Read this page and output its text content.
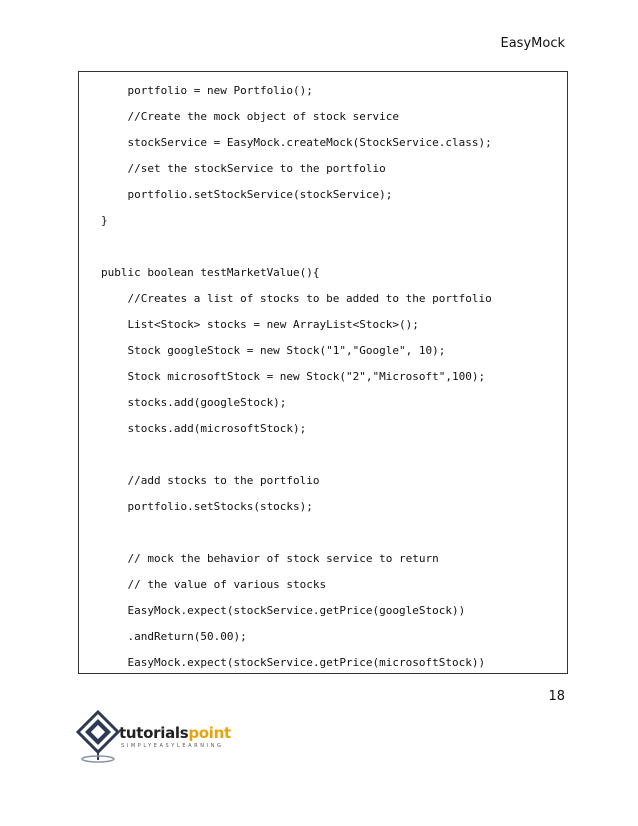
EasyMock
portfolio = new Portfolio();
//Create the mock object of stock service
stockService = EasyMock.createMock(StockService.class);
//set the stockService to the portfolio
portfolio.setStockService(stockService);
}
public boolean testMarketValue(){
//Creates a list of stocks to be added to the portfolio
List<Stock> stocks = new ArrayList<Stock>();
Stock googleStock = new Stock("1","Google", 10);
Stock microsoftStock = new Stock("2","Microsoft",100);
stocks.add(googleStock);
stocks.add(microsoftStock);
//add stocks to the portfolio
portfolio.setStocks(stocks);
// mock the behavior of stock service to return
// the value of various stocks
EasyMock.expect(stockService.getPrice(googleStock))
.andReturn(50.00);
EasyMock.expect(stockService.getPrice(microsoftStock))
18
tutorialspoint
SIMPLYEASYLEARNING
